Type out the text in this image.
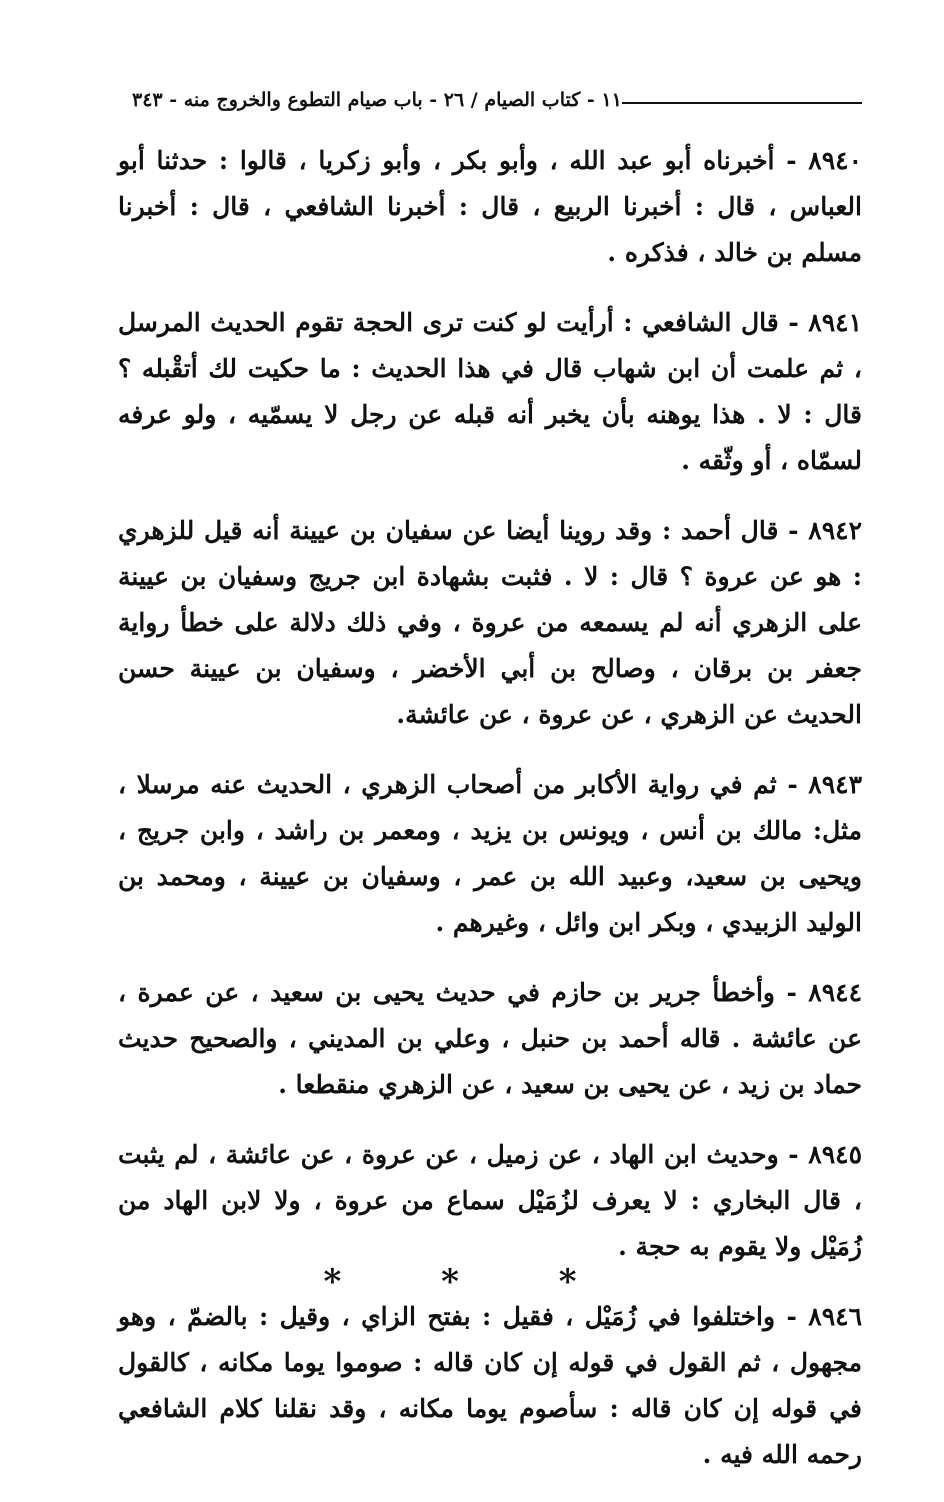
١١ - كتاب الصيام / ٢٦ - باب صيام التطوع والخروج منه - ٣٤٣

٨٩٤٠ - أخبرناه أبو عبد الله ، وأبو بكر ، وأبو زكريا ، قالوا : حدثنا أبو العباس ، قال : أخبرنا الربيع ، قال : أخبرنا الشافعي ، قال : أخبرنا مسلم بن خالد ، فذكره .

٨٩٤١ - قال الشافعي : أرأيت لو كنت ترى الحجة تقوم الحديث المرسل ، ثم علمت أن ابن شهاب قال في هذا الحديث : ما حكيت لك أتقْبله ؟ قال : لا . هذا يوهنه بأن يخبر أنه قبله عن رجل لا يسمّيه ، ولو عرفه لسمّاه ، أو وثّقه .

٨٩٤٢ - قال أحمد : وقد روينا أيضا عن سفيان بن عيينة أنه قيل للزهري : هو عن عروة ؟ قال : لا . فثبت بشهادة ابن جريج وسفيان بن عيينة على الزهري أنه لم يسمعه من عروة ، وفي ذلك دلالة على خطأ رواية جعفر بن برقان ، وصالح بن أبي الأخضر ، وسفيان بن عيينة حسن الحديث عن الزهري ، عن عروة ، عن عائشة.

٨٩٤٣ - ثم في رواية الأكابر من أصحاب الزهري ، الحديث عنه مرسلا ، مثل: مالك بن أنس ، ويونس بن يزيد ، ومعمر بن راشد ، وابن جريج ، ويحيى بن سعيد، وعبيد الله بن عمر ، وسفيان بن عيينة ، ومحمد بن الوليد الزبيدي ، وبكر ابن وائل ، وغيرهم .

٨٩٤٤ - وأخطأ جرير بن حازم في حديث يحيى بن سعيد ، عن عمرة ، عن عائشة . قاله أحمد بن حنبل ، وعلي بن المديني ، والصحيح حديث حماد بن زيد ، عن يحيى بن سعيد ، عن الزهري منقطعا .

٨٩٤٥ - وحديث ابن الهاد ، عن زميل ، عن عروة ، عن عائشة ، لم يثبت ، قال البخاري : لا يعرف لزُمَيْل سماع من عروة ، ولا لابن الهاد من زُمَيْل ولا يقوم به حجة .

٨٩٤٦ - واختلفوا في زُمَيْل ، فقيل : بفتح الزاي ، وقيل : بالضمّ ، وهو مجهول ، ثم القول في قوله إن كان قاله : صوموا يوما مكانه ، كالقول في قوله إن كان قاله : سأصوم يوما مكانه ، وقد نقلنا كلام الشافعي رحمه الله فيه .

* * *
